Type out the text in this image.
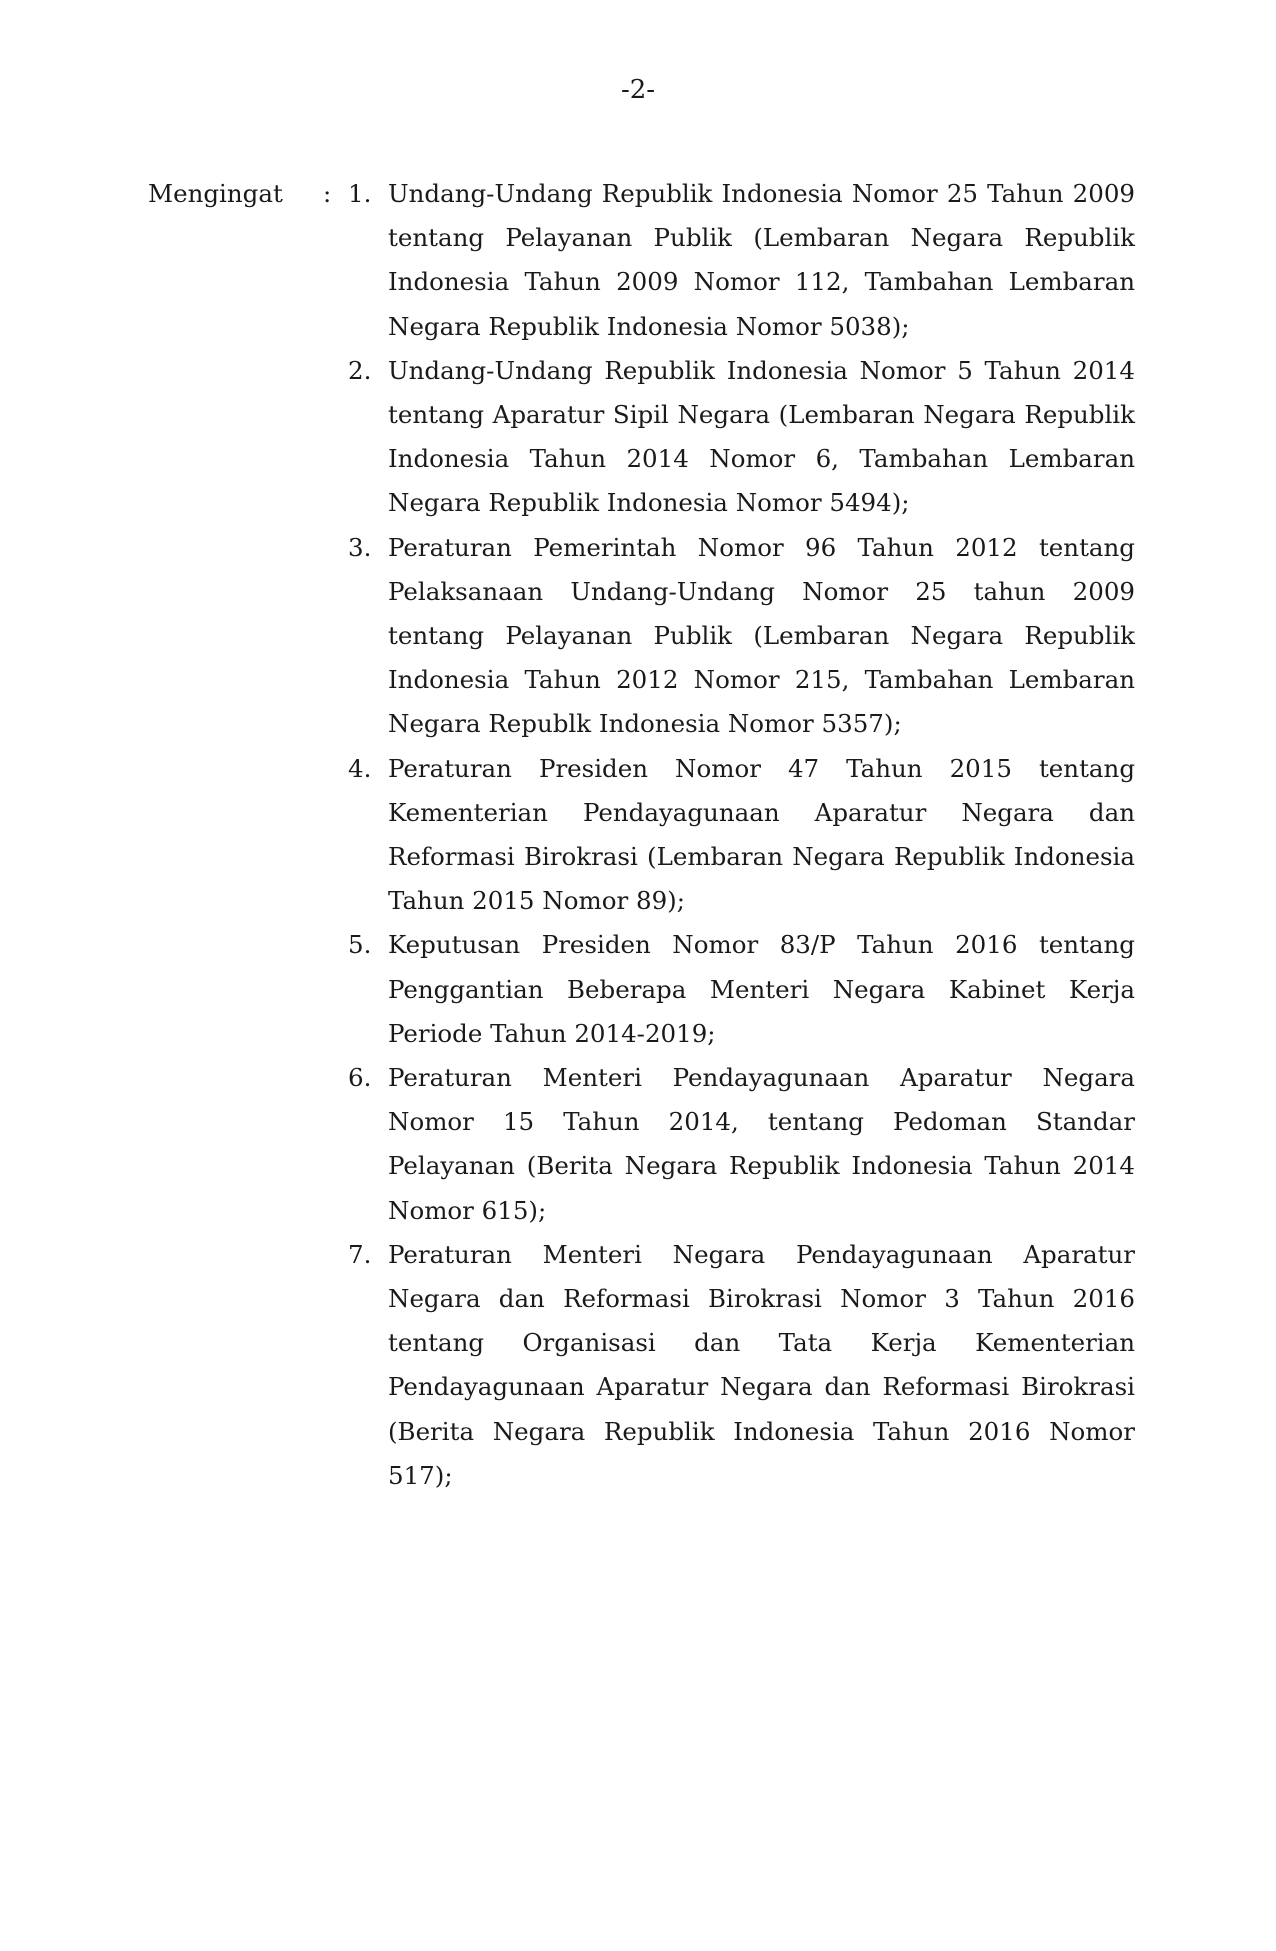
-2-
Mengingat : 1. Undang-Undang Republik Indonesia Nomor 25 Tahun 2009 tentang Pelayanan Publik (Lembaran Negara Republik Indonesia Tahun 2009 Nomor 112, Tambahan Lembaran Negara Republik Indonesia Nomor 5038);
2. Undang-Undang Republik Indonesia Nomor 5 Tahun 2014 tentang Aparatur Sipil Negara (Lembaran Negara Republik Indonesia Tahun 2014 Nomor 6, Tambahan Lembaran Negara Republik Indonesia Nomor 5494);
3. Peraturan Pemerintah Nomor 96 Tahun 2012 tentang Pelaksanaan Undang-Undang Nomor 25 tahun 2009 tentang Pelayanan Publik (Lembaran Negara Republik Indonesia Tahun 2012 Nomor 215, Tambahan Lembaran Negara Republk Indonesia Nomor 5357);
4. Peraturan Presiden Nomor 47 Tahun 2015 tentang Kementerian Pendayagunaan Aparatur Negara dan Reformasi Birokrasi (Lembaran Negara Republik Indonesia Tahun 2015 Nomor 89);
5. Keputusan Presiden Nomor 83/P Tahun 2016 tentang Penggantian Beberapa Menteri Negara Kabinet Kerja Periode Tahun 2014-2019;
6. Peraturan Menteri Pendayagunaan Aparatur Negara Nomor 15 Tahun 2014, tentang Pedoman Standar Pelayanan (Berita Negara Republik Indonesia Tahun 2014 Nomor 615);
7. Peraturan Menteri Negara Pendayagunaan Aparatur Negara dan Reformasi Birokrasi Nomor 3 Tahun 2016 tentang Organisasi dan Tata Kerja Kementerian Pendayagunaan Aparatur Negara dan Reformasi Birokrasi (Berita Negara Republik Indonesia Tahun 2016 Nomor 517);
